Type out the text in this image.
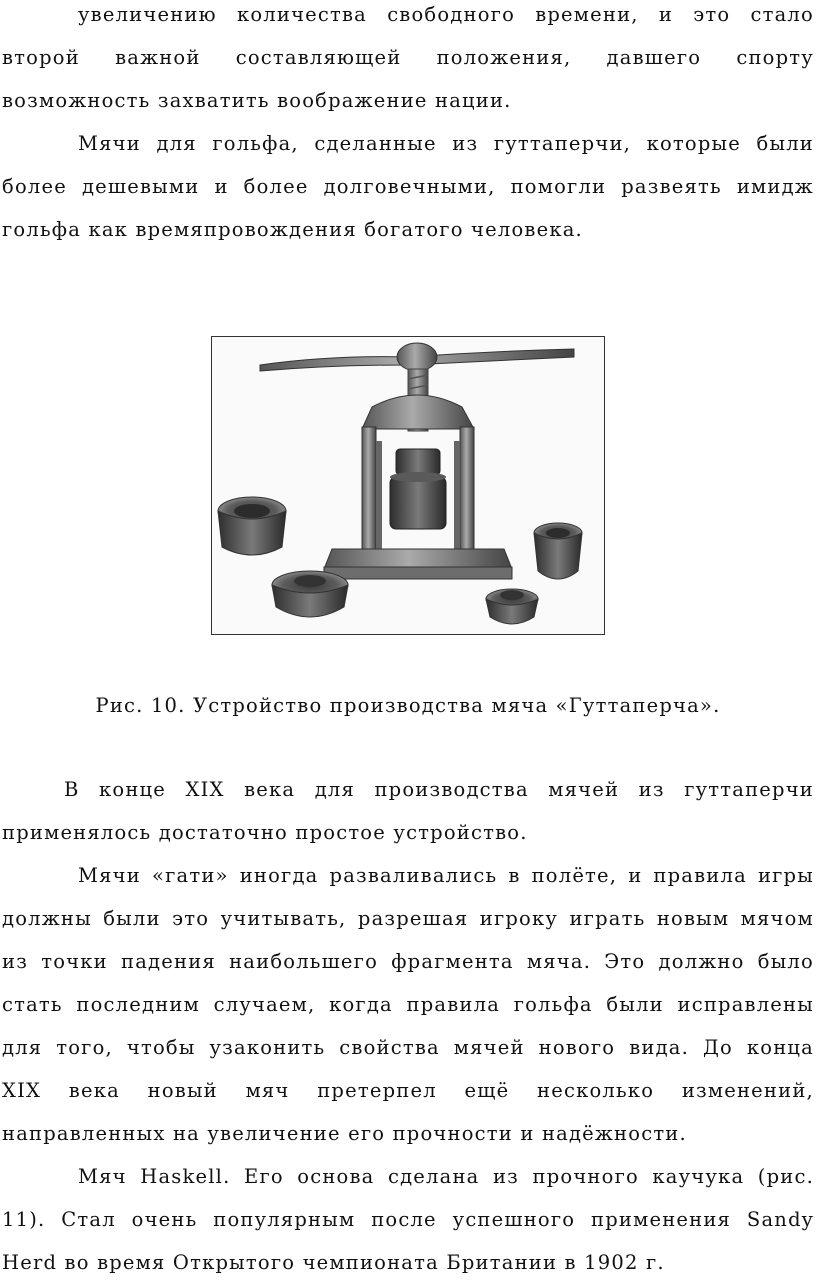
увеличению количества свободного времени, и это стало
второй важной составляющей положения, давшего спорту
возможность захватить воображение нации.
Мячи для гольфа, сделанные из гуттаперчи, которые были
более дешевыми и более долговечными, помогли развеять имидж
гольфа как времяпровождения богатого человека.
Рис. 10. Устройство производства мяча «Гуттаперча».
В конце XIX века для производства мячей из гуттаперчи
применялось достаточно простое устройство.
Мячи «гати» иногда разваливались в полёте, и правила игры
должны были это учитывать, разрешая игроку играть новым мячом
из точки падения наибольшего фрагмента мяча. Это должно было
стать последним случаем, когда правила гольфа были исправлены
для того, чтобы узаконить свойства мячей нового вида. До конца
XIX века новый мяч претерпел ещё несколько изменений,
направленных на увеличение его прочности и надёжности.
Мяч Haskell. Его основа сделана из прочного каучука (рис.
11). Стал очень популярным после успешного применения Sandy
Herd во время Открытого чемпионата Британии в 1902 г.
